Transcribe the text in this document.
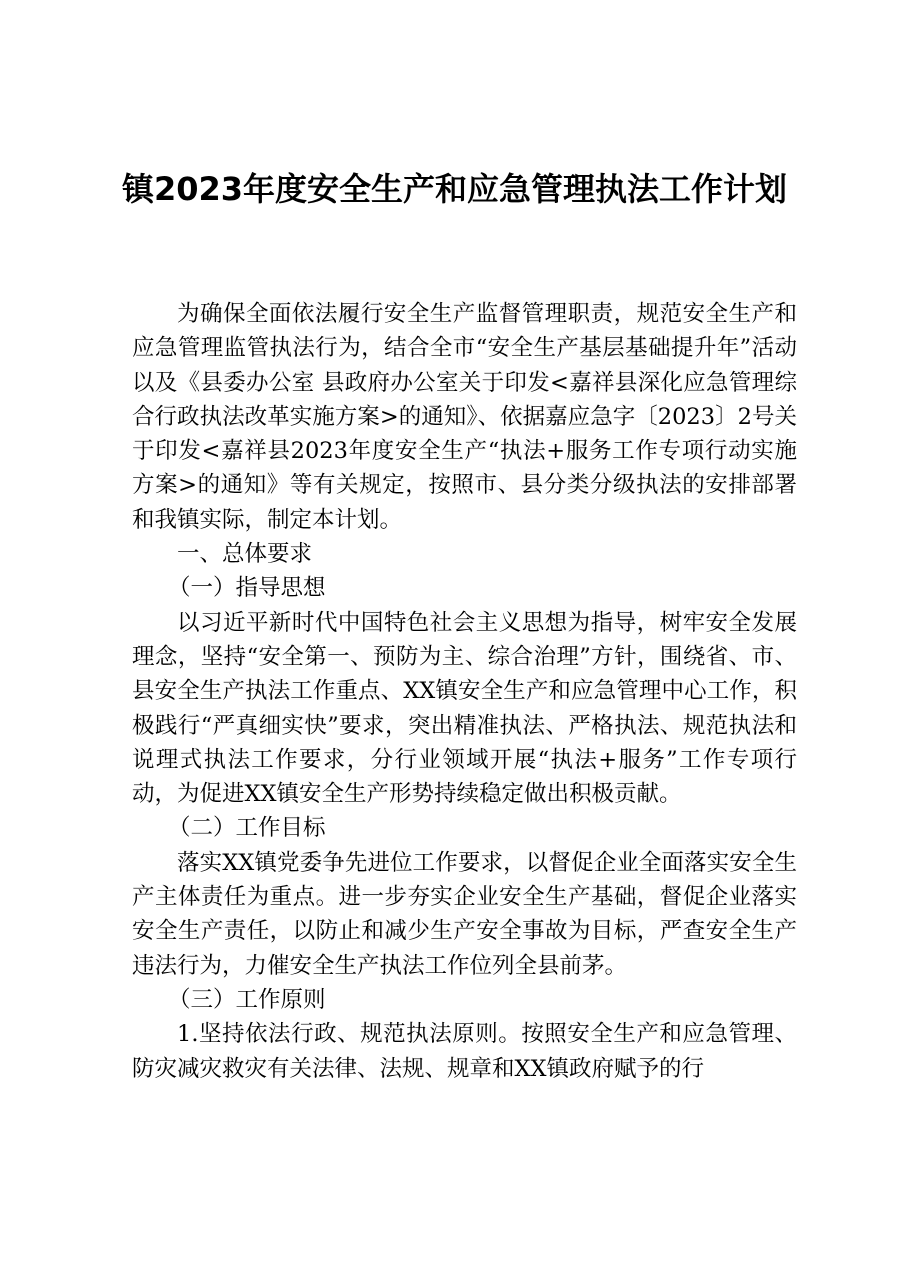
镇2023年度安全生产和应急管理执法工作计划

为确保全面依法履行安全生产监督管理职责，规范安全生产和应急管理监管执法行为，结合全市“安全生产基层基础提升年”活动以及《县委办公室 县政府办公室关于印发<嘉祥县深化应急管理综合行政执法改革实施方案>的通知》、依据嘉应急字〔2023〕2号关于印发<嘉祥县2023年度安全生产“执法+服务工作专项行动实施方案>的通知》等有关规定，按照市、县分类分级执法的安排部署和我镇实际，制定本计划。

一、总体要求

（一）指导思想

以习近平新时代中国特色社会主义思想为指导，树牢安全发展理念，坚持“安全第一、预防为主、综合治理”方针，围绕省、市、县安全生产执法工作重点、XX镇安全生产和应急管理中心工作，积极践行“严真细实快”要求，突出精准执法、严格执法、规范执法和说理式执法工作要求，分行业领域开展“执法+服务”工作专项行动，为促进XX镇安全生产形势持续稳定做出积极贡献。

（二）工作目标

落实XX镇党委争先进位工作要求，以督促企业全面落实安全生产主体责任为重点。进一步夯实企业安全生产基础，督促企业落实安全生产责任，以防止和减少生产安全事故为目标，严查安全生产违法行为，力催安全生产执法工作位列全县前茅。

（三）工作原则

1.坚持依法行政、规范执法原则。按照安全生产和应急管理、防灾减灾救灾有关法律、法规、规章和XX镇政府赋予的行
